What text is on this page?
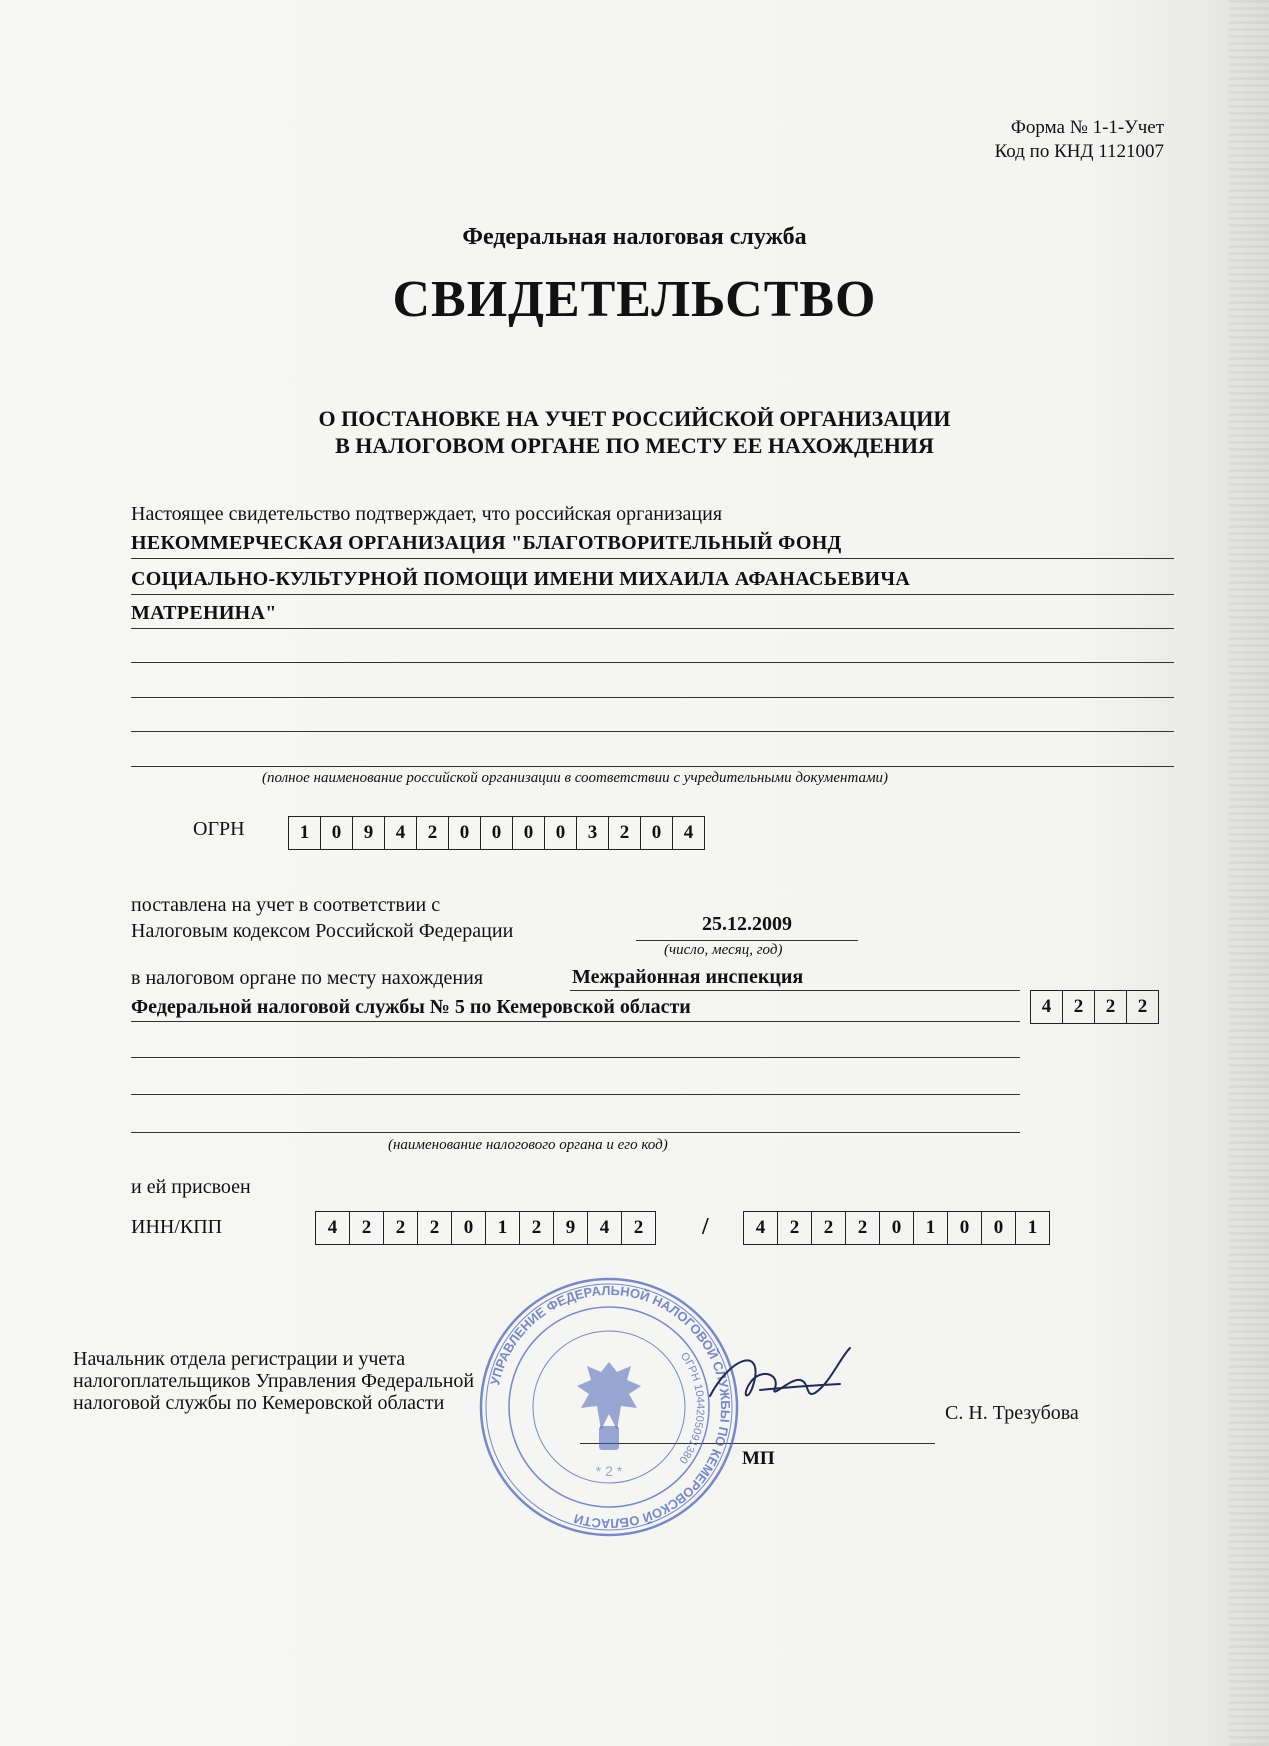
Форма № 1-1-Учет
Код по КНД 1121007
Федеральная налоговая служба
СВИДЕТЕЛЬСТВО
О ПОСТАНОВКЕ НА УЧЕТ РОССИЙСКОЙ ОРГАНИЗАЦИИ
В НАЛОГОВОМ ОРГАНЕ ПО МЕСТУ ЕЕ НАХОЖДЕНИЯ
Настоящее свидетельство подтверждает, что российская организация
НЕКОММЕРЧЕСКАЯ ОРГАНИЗАЦИЯ "БЛАГОТВОРИТЕЛЬНЫЙ ФОНД
СОЦИАЛЬНО-КУЛЬТУРНОЙ ПОМОЩИ ИМЕНИ МИХАИЛА АФАНАСЬЕВИЧА
МАТРЕНИНА"
(полное наименование российской организации в соответствии с учредительными документами)
ОГРН	1	0	9	4	2	0	0	0	0	3	2	0	4
поставлена на учет в соответствии с
Налоговым кодексом Российской Федерации	25.12.2009
(число, месяц, год)
в налоговом органе по месту нахождения	Межрайонная инспекция
Федеральной налоговой службы № 5 по Кемеровской области	4	2	2	2
(наименование налогового органа и его код)
и ей присвоен
ИНН/КПП	4	2	2	2	0	1	2	9	4	2	/	4	2	2	2	0	1	0	0	1
Начальник отдела регистрации и учета
налогоплательщиков Управления Федеральной
налоговой службы по Кемеровской области
МП
С. Н. Трезубова
УПРАВЛЕНИЕ ФЕДЕРАЛЬНОЙ НАЛОГОВОЙ СЛУЖБЫ ПО КЕМЕРОВСКОЙ ОБЛАСТИ
ОГРН 1044205091380
* 2 *
